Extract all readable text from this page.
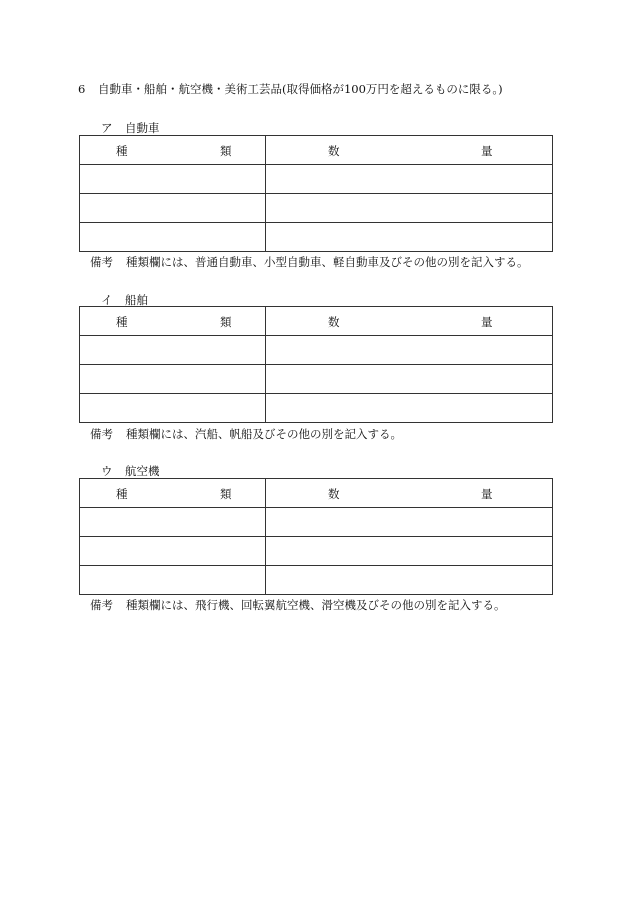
6 自動車・船舶・航空機・美術工芸品(取得価格が100万円を超えるものに限る。)
ア 自動車
種 類	数 量

備考 種類欄には、普通自動車、小型自動車、軽自動車及びその他の別を記入する。
イ 船舶
種 類	数 量

備考 種類欄には、汽船、帆船及びその他の別を記入する。
ウ 航空機
種 類	数 量

備考 種類欄には、飛行機、回転翼航空機、滑空機及びその他の別を記入する。
